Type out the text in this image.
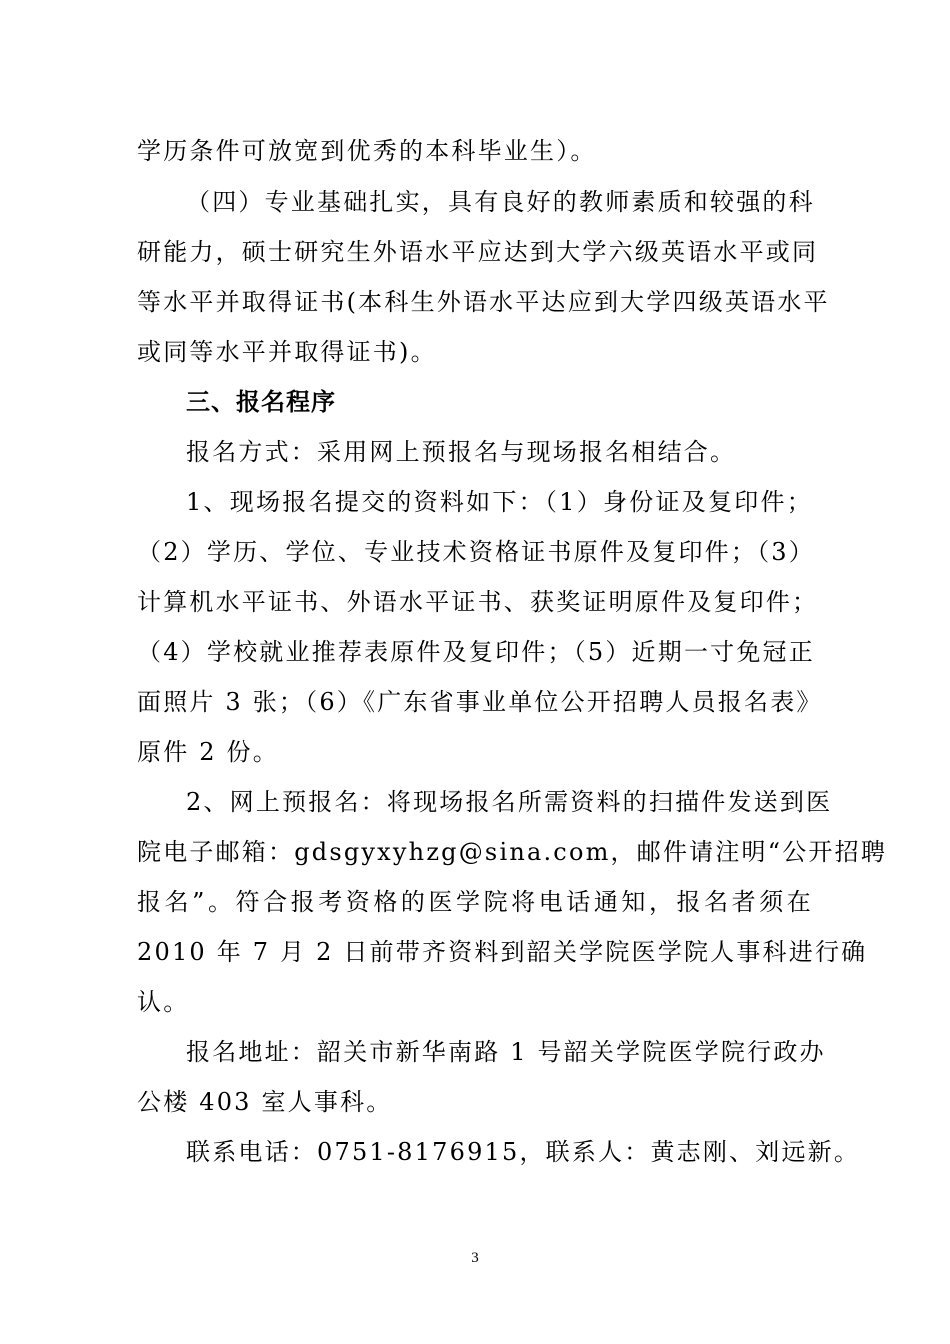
学历条件可放宽到优秀的本科毕业生）。
（四）专业基础扎实，具有良好的教师素质和较强的科
研能力，硕士研究生外语水平应达到大学六级英语水平或同
等水平并取得证书(本科生外语水平达应到大学四级英语水平
或同等水平并取得证书)。
三、报名程序
报名方式：采用网上预报名与现场报名相结合。
1、现场报名提交的资料如下：（1）身份证及复印件；
（2）学历、学位、专业技术资格证书原件及复印件；（3）
计算机水平证书、外语水平证书、获奖证明原件及复印件；
（4）学校就业推荐表原件及复印件；（5）近期一寸免冠正
面照片 3 张；（6）《广东省事业单位公开招聘人员报名表》
原件 2 份。
2、网上预报名：将现场报名所需资料的扫描件发送到医
院电子邮箱：gdsgyxyhzg@sina.com，邮件请注明“公开招聘
报名”。符合报考资格的医学院将电话通知，报名者须在
2010 年 7 月 2 日前带齐资料到韶关学院医学院人事科进行确
认。
报名地址：韶关市新华南路 1 号韶关学院医学院行政办
公楼 403 室人事科。
联系电话：0751-8176915，联系人：黄志刚、刘远新。
3
